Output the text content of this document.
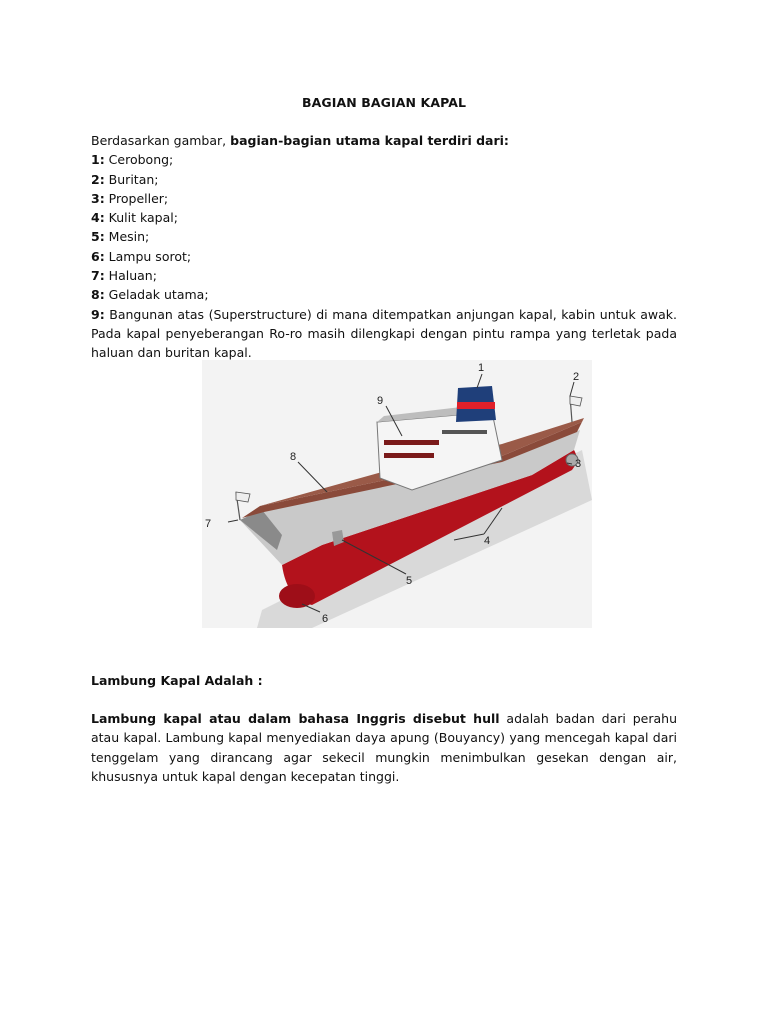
BAGIAN BAGIAN KAPAL

Berdasarkan gambar, bagian-bagian utama kapal terdiri dari:

1: Cerobong;

2: Buritan;

3: Propeller;

4: Kulit kapal;

5: Mesin;

6: Lampu sorot;

7: Haluan;

8: Geladak utama;

9: Bangunan atas (Superstructure) di mana ditempatkan anjungan kapal, kabin untuk awak. Pada kapal penyeberangan Ro-ro masih dilengkapi dengan pintu rampa yang terletak pada haluan dan buritan kapal.

1
2
3
4
5
6
7
8
9
Lambung Kapal Adalah :

Lambung kapal atau dalam bahasa Inggris disebut hull adalah badan dari perahu atau kapal. Lambung kapal menyediakan daya apung (Bouyancy) yang mencegah kapal dari tenggelam yang dirancang agar sekecil mungkin menimbulkan gesekan dengan air, khususnya untuk kapal dengan kecepatan tinggi.
